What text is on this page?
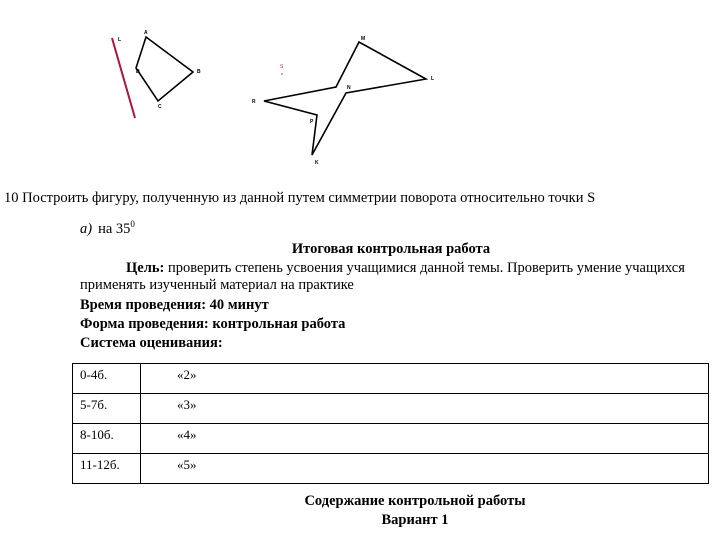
L
A
B
C
D
M
L
N
R
P
K
S
10 Построить фигуру, полученную из данной путем симметрии поворота относительно точки S
а) на $35^0$
Итоговая контрольная работа
Цель: проверить степень усвоения учащимися данной темы. Проверить умение учащихся применять изученный материал на практике
Время проведения: 40 минут
Форма проведения: контрольная работа
Система оценивания:
0-4б.	«2»
5-7б.	«3»
8-10б.	«4»
11-12б.	«5»
Содержание контрольной работы
Вариант 1
